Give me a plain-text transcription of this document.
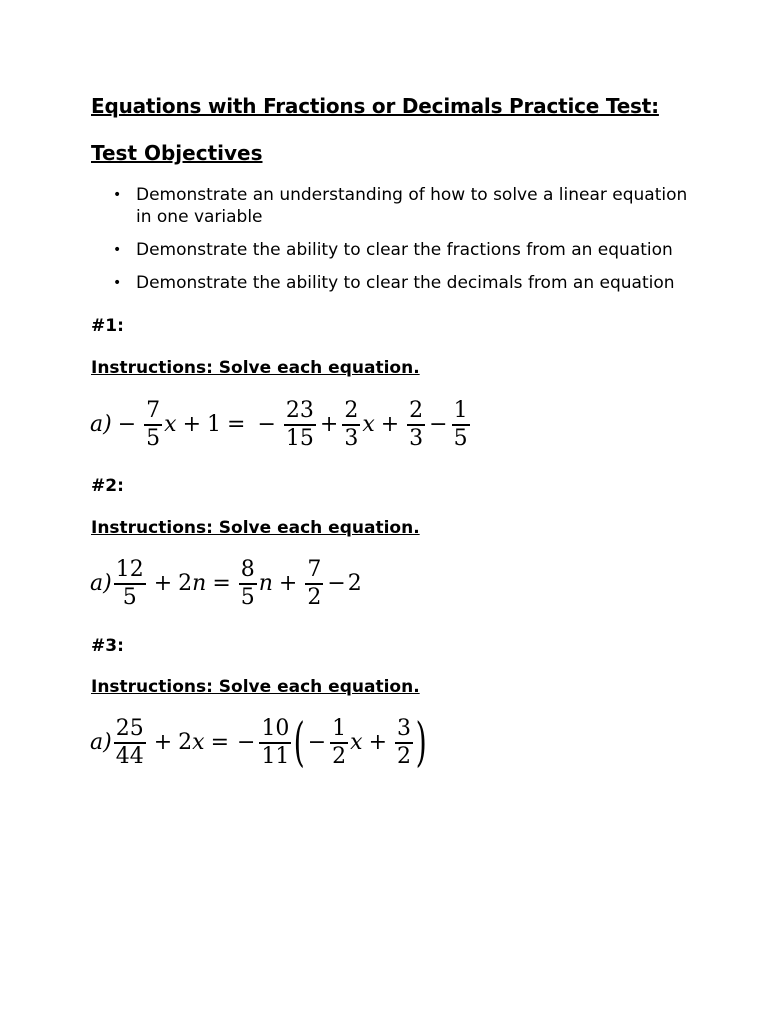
Equations with Fractions or Decimals Practice Test:
Test Objectives
• Demonstrate an understanding of how to solve a linear equation in one variable
• Demonstrate the ability to clear the fractions from an equation
• Demonstrate the ability to clear the decimals from an equation
#1:
Instructions: Solve each equation.
$a) - \frac{7}{5}$ x + 1 = − $\frac{23}{15} + \frac{2}{3}$ $x + \frac{2}{3} - \frac{1}{5}$
#2:
Instructions: Solve each equation.
$a) \frac{12}{5} + 2$ $n = \frac{8}{5}$ $n + \frac{7}{2} - 2$
#3:
Instructions: Solve each equation.
$a) \frac{25}{44} + 2$ x = − $\frac{10}{11}$ ( − $\frac{1}{2}$ $x + \frac{3}{2}$ )
